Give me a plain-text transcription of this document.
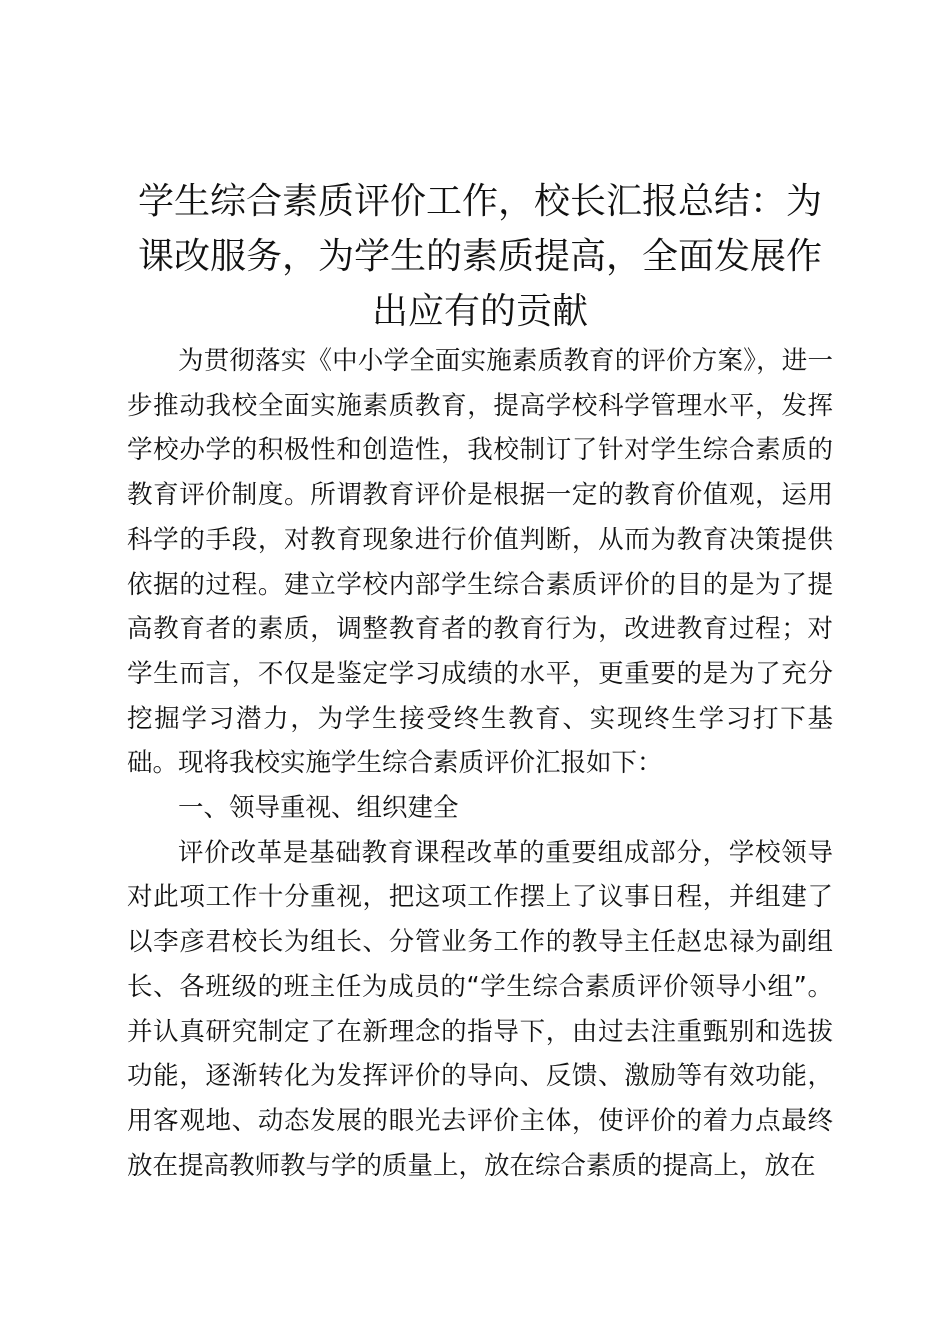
学生综合素质评价工作，校长汇报总结：为课改服务，为学生的素质提高，全面发展作出应有的贡献

为贯彻落实《中小学全面实施素质教育的评价方案》，进一步推动我校全面实施素质教育，提高学校科学管理水平，发挥学校办学的积极性和创造性，我校制订了针对学生综合素质的教育评价制度。所谓教育评价是根据一定的教育价值观，运用科学的手段，对教育现象进行价值判断，从而为教育决策提供依据的过程。建立学校内部学生综合素质评价的目的是为了提高教育者的素质，调整教育者的教育行为，改进教育过程；对学生而言，不仅是鉴定学习成绩的水平，更重要的是为了充分挖掘学习潜力，为学生接受终生教育、实现终生学习打下基础。现将我校实施学生综合素质评价汇报如下：

一、领导重视、组织建全

评价改革是基础教育课程改革的重要组成部分，学校领导对此项工作十分重视，把这项工作摆上了议事日程，并组建了以李彦君校长为组长、分管业务工作的教导主任赵忠禄为副组长、各班级的班主任为成员的“学生综合素质评价领导小组”。并认真研究制定了在新理念的指导下，由过去注重甄别和选拔功能，逐渐转化为发挥评价的导向、反馈、激励等有效功能，用客观地、动态发展的眼光去评价主体，使评价的着力点最终放在提高教师教与学的质量上，放在综合素质的提高上，放在
